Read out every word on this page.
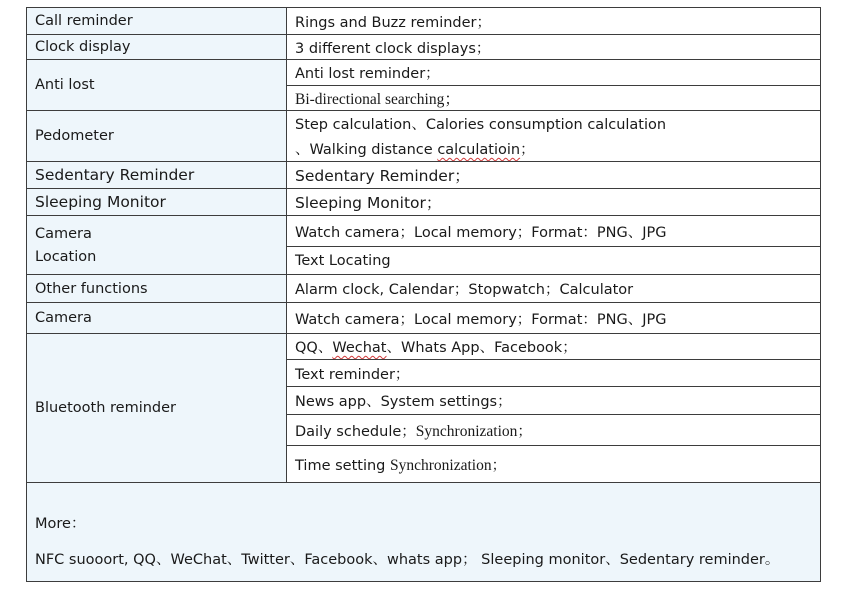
Call reminder	Rings and Buzz reminder；
Clock display	3 different clock displays；
Anti lost	Anti lost reminder；
	Bi-directional searching；
Pedometer	Step calculation、Calories consumption calculation
、Walking distance calculatioin；

Sedentary Reminder	Sedentary Reminder；
Sleeping Monitor	Sleeping Monitor；

Camera
Location	Watch camera；Local memory；Format：PNG、JPG
	Text Locating
Other functions	Alarm clock, Calendar；Stopwatch；Calculator
Camera	Watch camera；Local memory；Format：PNG、JPG
Bluetooth reminder	QQ、Wechat、Whats App、Facebook；
	Text reminder；
	News app、System settings；
	Daily schedule；Synchronization；
	Time setting Synchronization；

More：
NFC suooort, QQ、WeChat、Twitter、Facebook、whats app； Sleeping monitor、Sedentary reminder。	
